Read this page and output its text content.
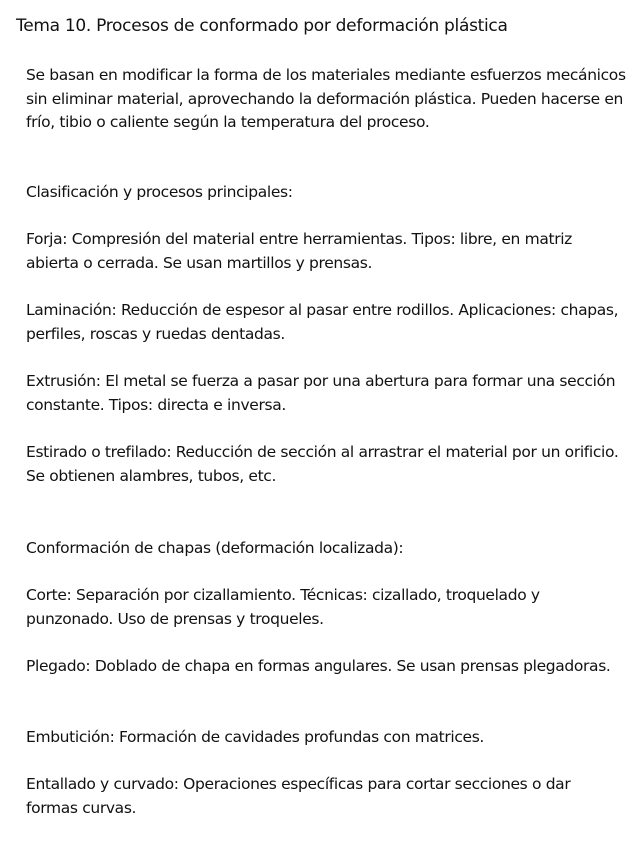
Tema 10. Procesos de conformado por deformación plástica

Se basan en modificar la forma de los materiales mediante esfuerzos mecánicos sin eliminar material, aprovechando la deformación plástica. Pueden hacerse en frío, tibio o caliente según la temperatura del proceso.

Clasificación y procesos principales:

Forja: Compresión del material entre herramientas. Tipos: libre, en matriz abierta o cerrada. Se usan martillos y prensas.

Laminación: Reducción de espesor al pasar entre rodillos. Aplicaciones: chapas, perfiles, roscas y ruedas dentadas.

Extrusión: El metal se fuerza a pasar por una abertura para formar una sección constante. Tipos: directa e inversa.

Estirado o trefilado: Reducción de sección al arrastrar el material por un orificio. Se obtienen alambres, tubos, etc.

Conformación de chapas (deformación localizada):

Corte: Separación por cizallamiento. Técnicas: cizallado, troquelado y punzonado. Uso de prensas y troqueles.

Plegado: Doblado de chapa en formas angulares. Se usan prensas plegadoras.

Embutición: Formación de cavidades profundas con matrices.

Entallado y curvado: Operaciones específicas para cortar secciones o dar formas curvas.
